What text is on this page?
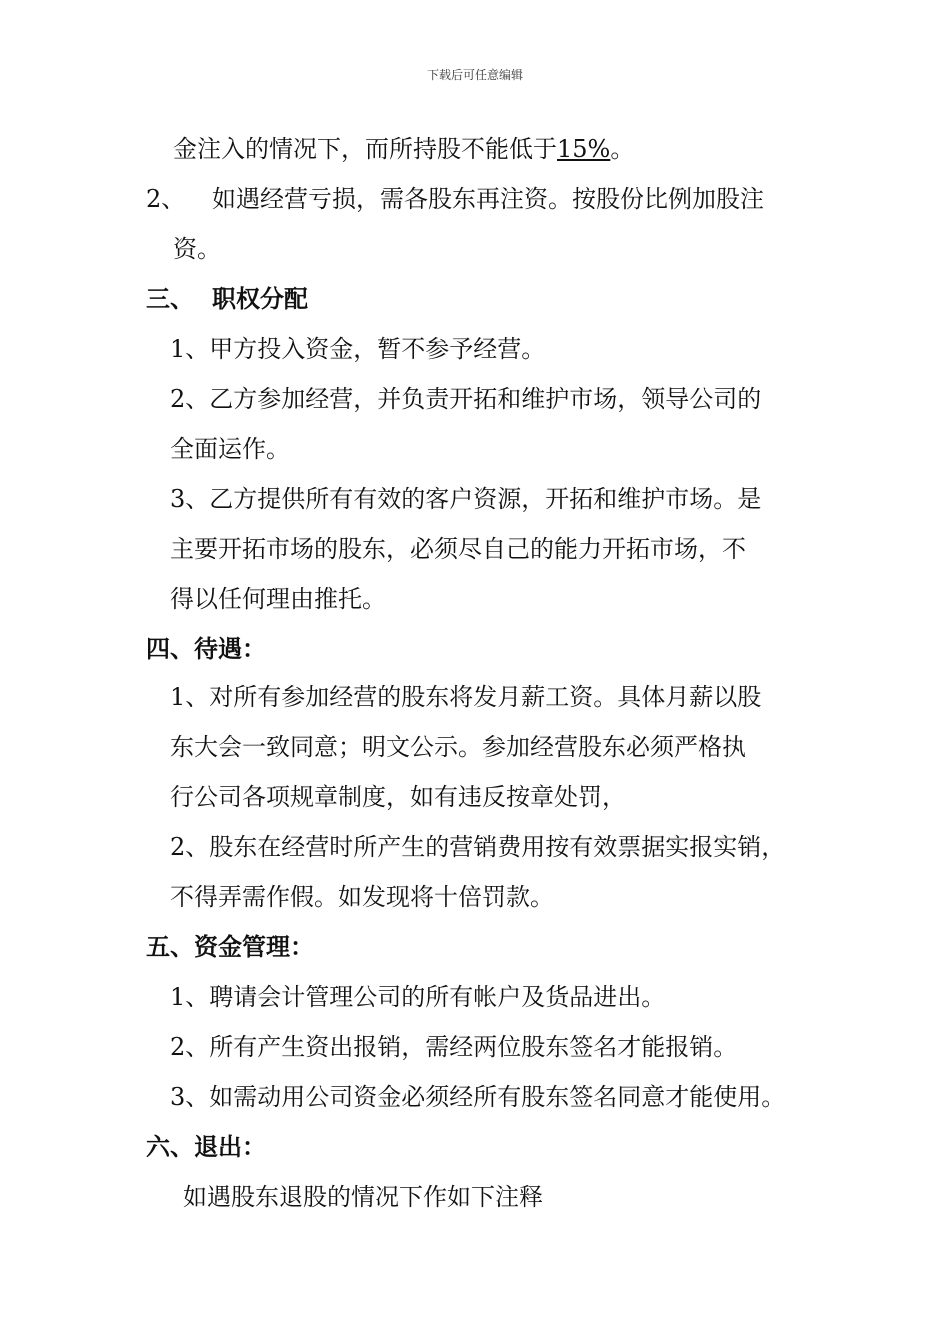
下载后可任意编辑
金注入的情况下，而所持股不能低于15%。
2、 如遇经营亏损，需各股东再注资。按股份比例加股注
资。
三、 职权分配
1、甲方投入资金，暂不参予经营。
2、乙方参加经营，并负责开拓和维护市场，领导公司的
全面运作。
3、乙方提供所有有效的客户资源，开拓和维护市场。是
主要开拓市场的股东，必须尽自己的能力开拓市场，不
得以任何理由推托。
四、待遇：
1、对所有参加经营的股东将发月薪工资。具体月薪以股
东大会一致同意；明文公示。参加经营股东必须严格执
行公司各项规章制度，如有违反按章处罚，
2、股东在经营时所产生的营销费用按有效票据实报实销，
不得弄需作假。如发现将十倍罚款。
五、资金管理：
1、聘请会计管理公司的所有帐户及货品进出。
2、所有产生资出报销，需经两位股东签名才能报销。
3、如需动用公司资金必须经所有股东签名同意才能使用。
六、退出：
如遇股东退股的情况下作如下注释
